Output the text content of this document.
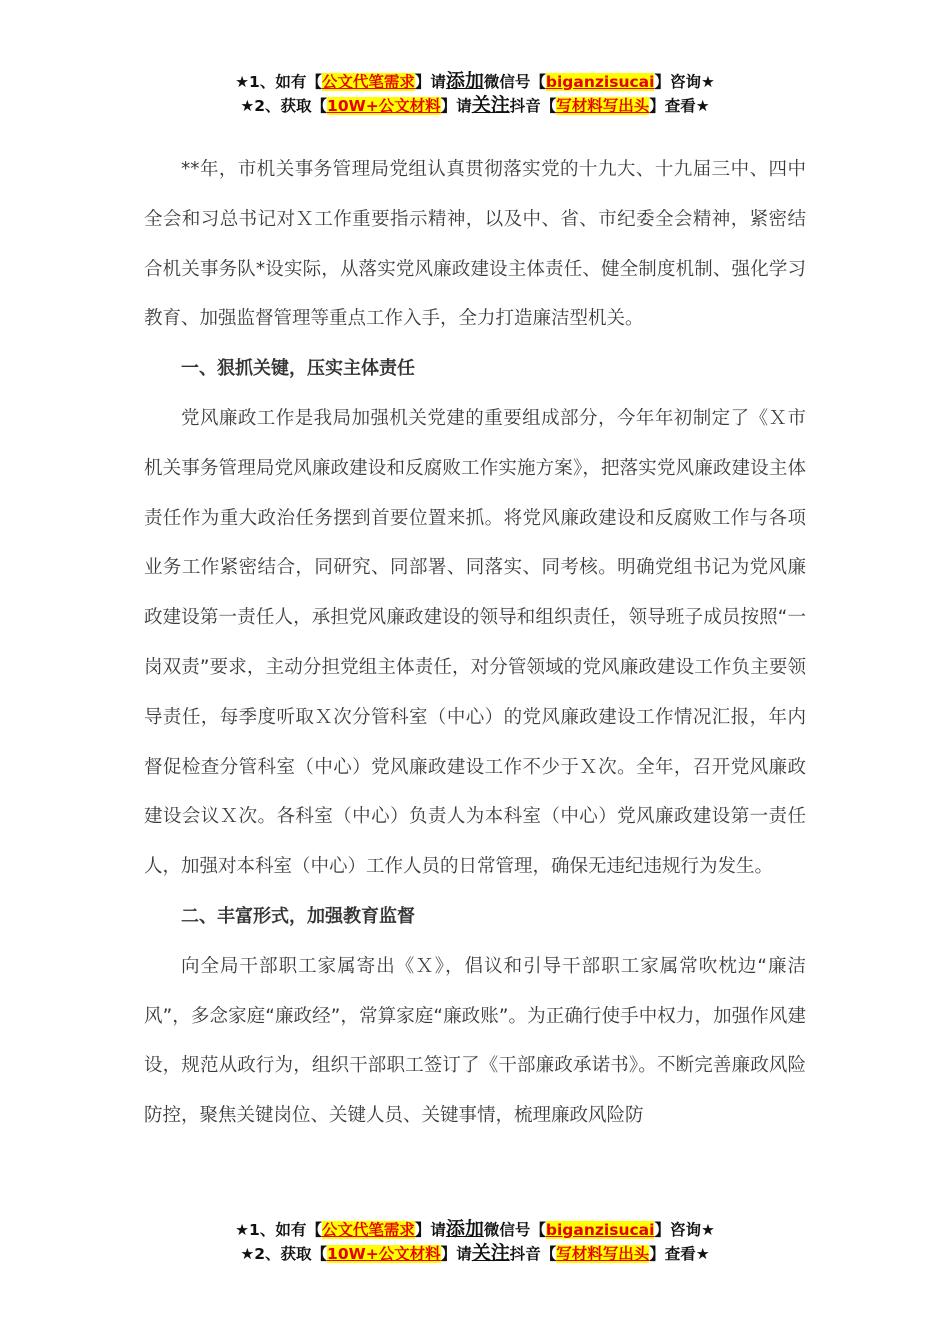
★1、如有【公文代笔需求】请添加微信号【biganzisucai】咨询★
★2、获取【10W+公文材料】请关注抖音【写材料写出头】查看★

**年，市机关事务管理局党组认真贯彻落实党的十九大、十九届三中、四中全会和习总书记对Ｘ工作重要指示精神，以及中、省、市纪委全会精神，紧密结合机关事务队*设实际，从落实党风廉政建设主体责任、健全制度机制、强化学习教育、加强监督管理等重点工作入手，全力打造廉洁型机关。

一、狠抓关键，压实主体责任

党风廉政工作是我局加强机关党建的重要组成部分，今年年初制定了《Ｘ市机关事务管理局党风廉政建设和反腐败工作实施方案》，把落实党风廉政建设主体责任作为重大政治任务摆到首要位置来抓。将党风廉政建设和反腐败工作与各项业务工作紧密结合，同研究、同部署、同落实、同考核。明确党组书记为党风廉政建设第一责任人，承担党风廉政建设的领导和组织责任，领导班子成员按照“一岗双责”要求，主动分担党组主体责任，对分管领域的党风廉政建设工作负主要领导责任，每季度听取Ｘ次分管科室（中心）的党风廉政建设工作情况汇报，年内督促检查分管科室（中心）党风廉政建设工作不少于Ｘ次。全年，召开党风廉政建设会议Ｘ次。各科室（中心）负责人为本科室（中心）党风廉政建设第一责任人，加强对本科室（中心）工作人员的日常管理，确保无违纪违规行为发生。

二、丰富形式，加强教育监督

向全局干部职工家属寄出《Ｘ》，倡议和引导干部职工家属常吹枕边“廉洁风”，多念家庭“廉政经”，常算家庭“廉政账”。为正确行使手中权力，加强作风建设，规范从政行为，组织干部职工签订了《干部廉政承诺书》。不断完善廉政风险防控，聚焦关键岗位、关键人员、关键事情，梳理廉政风险防

★1、如有【公文代笔需求】请添加微信号【biganzisucai】咨询★
★2、获取【10W+公文材料】请关注抖音【写材料写出头】查看★
